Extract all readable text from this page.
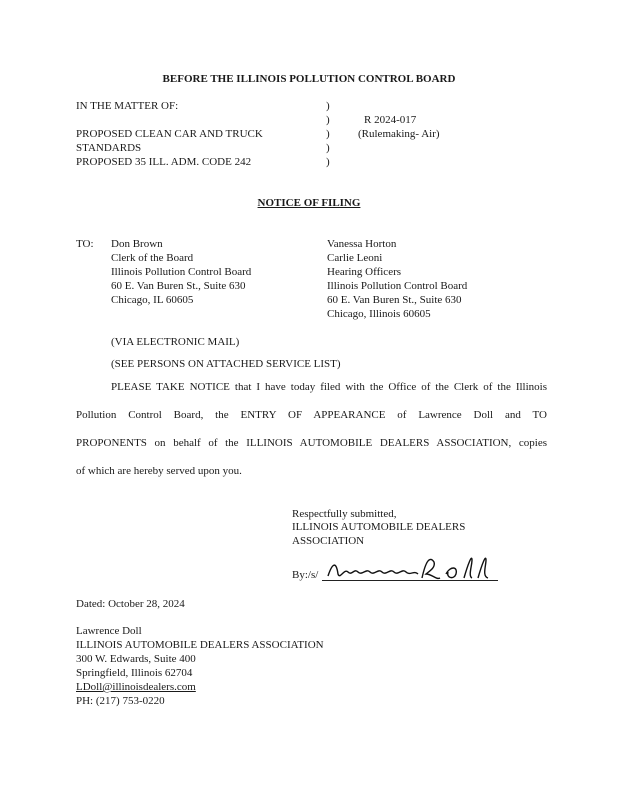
BEFORE THE ILLINOIS POLLUTION CONTROL BOARD
IN THE MATTER OF:
PROPOSED CLEAN CAR AND TRUCK
STANDARDS
PROPOSED 35 ILL. ADM. CODE 242
)
)
)
)
)
R 2024-017
(Rulemaking- Air)
NOTICE OF FILING
TO: Don Brown
Clerk of the Board
Illinois Pollution Control Board
60 E. Van Buren St., Suite 630
Chicago, IL 60605
Vanessa Horton
Carlie Leoni
Hearing Officers
Illinois Pollution Control Board
60 E. Van Buren St., Suite 630
Chicago, Illinois 60605
(VIA ELECTRONIC MAIL)
(SEE PERSONS ON ATTACHED SERVICE LIST)
PLEASE TAKE NOTICE that I have today filed with the Office of the Clerk of the Illinois
Pollution Control Board, the ENTRY OF APPEARANCE of Lawrence Doll and TO
PROPONENTS on behalf of the ILLINOIS AUTOMOBILE DEALERS ASSOCIATION, copies
of which are hereby served upon you.
Respectfully submitted,
ILLINOIS AUTOMOBILE DEALERS
ASSOCIATION
By:/s/
Dated: October 28, 2024
Lawrence Doll
ILLINOIS AUTOMOBILE DEALERS ASSOCIATION
300 W. Edwards, Suite 400
Springfield, Illinois 62704
LDoll@illinoisdealers.com
PH: (217) 753-0220
